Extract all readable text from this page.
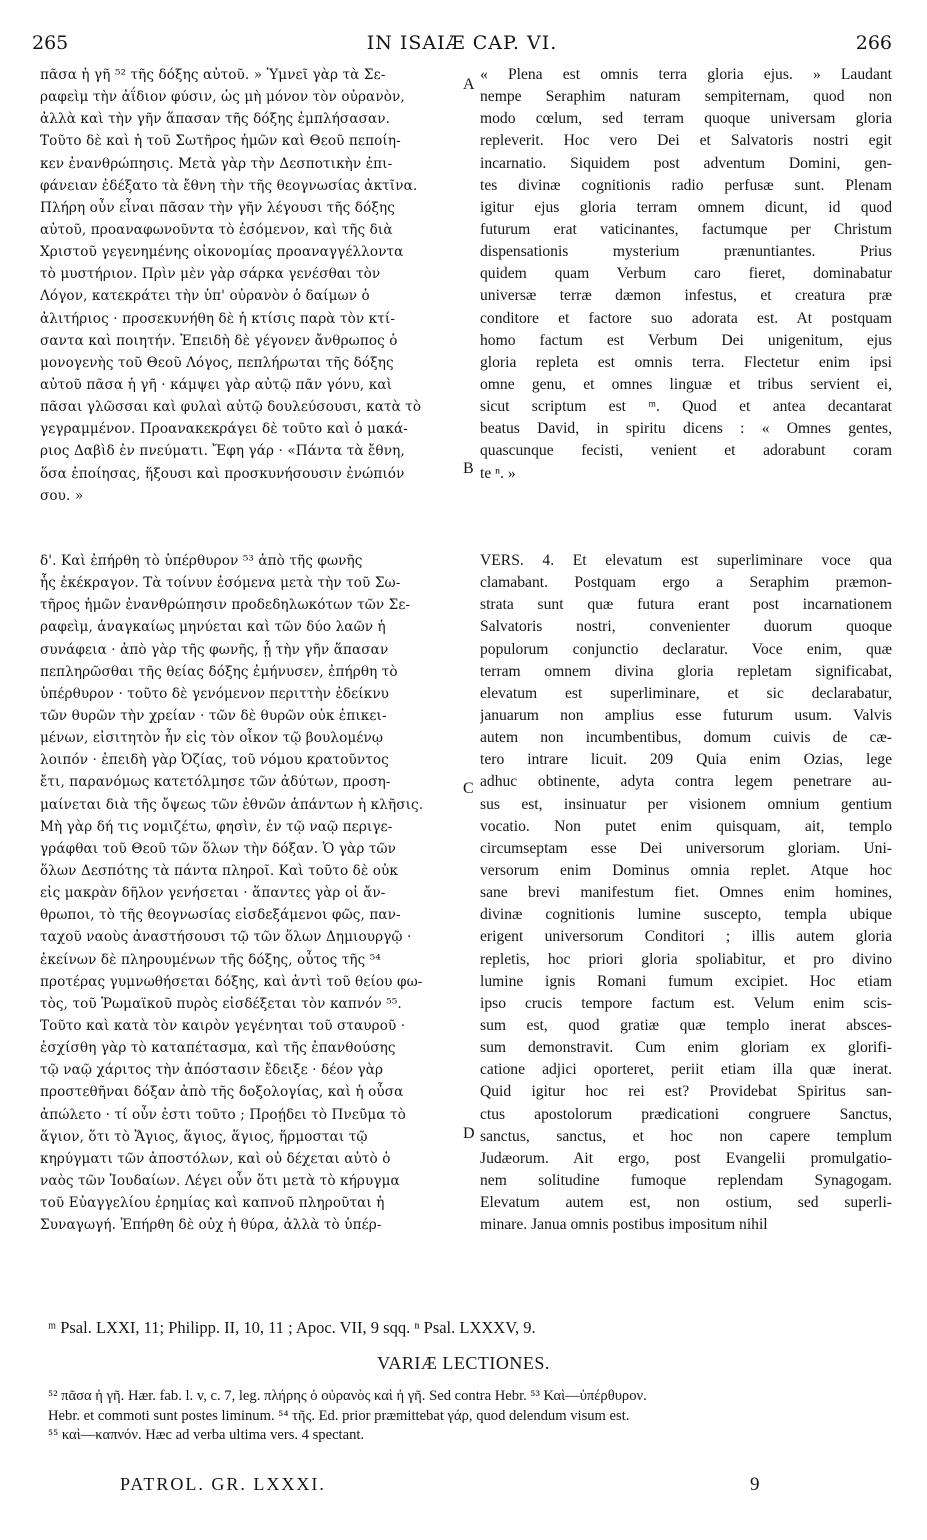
265	IN ISAIÆ CAP. VI.	266
A
B
C
D
πᾶσα ἡ γῆ ⁵² τῆς δόξης αὐτοῦ. » Ὑμνεῖ γὰρ τὰ Σε-
ραφεὶμ τὴν ἀΐδιον φύσιν, ὡς μὴ μόνον τὸν οὐρανὸν,
ἀλλὰ καὶ τὴν γῆν ἅπασαν τῆς δόξης ἐμπλήσασαν.
Τοῦτο δὲ καὶ ἡ τοῦ Σωτῆρος ἡμῶν καὶ Θεοῦ πεποίη-
κεν ἐνανθρώπησις. Μετὰ γὰρ τὴν Δεσποτικὴν ἐπι-
φάνειαν ἐδέξατο τὰ ἔθνη τὴν τῆς θεογνωσίας ἀκτῖνα.
Πλήρη οὖν εἶναι πᾶσαν τὴν γῆν λέγουσι τῆς δόξης
αὐτοῦ, προαναφωνοῦντα τὸ ἐσόμενον, καὶ τῆς διὰ
Χριστοῦ γεγενημένης οἰκονομίας προαναγγέλλοντα
τὸ μυστήριον. Πρὶν μὲν γὰρ σάρκα γενέσθαι τὸν
Λόγον, κατεκράτει τὴν ὑπ' οὐρανὸν ὁ δαίμων ὁ
ἀλιτήριος · προσεκυνήθη δὲ ἡ κτίσις παρὰ τὸν κτί-
σαντα καὶ ποιητήν. Ἐπειδὴ δὲ γέγονεν ἄνθρωπος ὁ
μονογενὴς τοῦ Θεοῦ Λόγος, πεπλήρωται τῆς δόξης
αὐτοῦ πᾶσα ἡ γῆ · κάμψει γὰρ αὐτῷ πᾶν γόνυ, καὶ
πᾶσαι γλῶσσαι καὶ φυλαὶ αὐτῷ δουλεύσουσι, κατὰ τὸ
γεγραμμένον. Προανακεκράγει δὲ τοῦτο καὶ ὁ μακά-
ριος Δαβὶδ ἐν πνεύματι. Ἔφη γάρ · «Πάντα τὰ ἔθνη,
ὅσα ἐποίησας, ἥξουσι καὶ προσκυνήσουσιν ἐνώπιόν
σου. »
« Plena est omnis terra gloria ejus. » Laudant
nempe Seraphim naturam sempiternam, quod non
modo cœlum, sed terram quoque universam gloria
repleverit. Hoc vero Dei et Salvatoris nostri egit
incarnatio. Siquidem post adventum Domini, gen-
tes divinæ cognitionis radio perfusæ sunt. Plenam
igitur ejus gloria terram omnem dicunt, id quod
futurum erat vaticinantes, factumque per Christum
dispensationis mysterium prænuntiantes. Prius
quidem quam Verbum caro fieret, dominabatur
universæ terræ dæmon infestus, et creatura præ
conditore et factore suo adorata est. At postquam
homo factum est Verbum Dei unigenitum, ejus
gloria repleta est omnis terra. Flectetur enim ipsi
omne genu, et omnes linguæ et tribus servient ei,
sicut scriptum est ᵐ. Quod et antea decantarat
beatus David, in spiritu dicens : « Omnes gentes,
quascunque fecisti, venient et adorabunt coram
te ⁿ. »
δ'. Καὶ ἐπήρθη τὸ ὑπέρθυρον ⁵³ ἀπὸ τῆς φωνῆς
ἧς ἐκέκραγον. Τὰ τοίνυν ἐσόμενα μετὰ τὴν τοῦ Σω-
τῆρος ἡμῶν ἐνανθρώπησιν προδεδηλωκότων τῶν Σε-
ραφεὶμ, ἀναγκαίως μηνύεται καὶ τῶν δύο λαῶν ἡ
συνάφεια · ἀπὸ γὰρ τῆς φωνῆς, ᾗ τὴν γῆν ἅπασαν
πεπληρῶσθαι τῆς θείας δόξης ἐμήνυσεν, ἐπήρθη τὸ
ὑπέρθυρον · τοῦτο δὲ γενόμενον περιττὴν ἐδείκνυ
τῶν θυρῶν τὴν χρείαν · τῶν δὲ θυρῶν οὐκ ἐπικει-
μένων, εἰσιτητὸν ἦν εἰς τὸν οἶκον τῷ βουλομένῳ
λοιπόν · ἐπειδὴ γὰρ Ὀζίας, τοῦ νόμου κρατοῦντος
ἔτι, παρανόμως κατετόλμησε τῶν ἀδύτων, προση-
μαίνεται διὰ τῆς ὄψεως τῶν ἐθνῶν ἁπάντων ἡ κλῆσις.
Μὴ γὰρ δή τις νομιζέτω, φησὶν, ἐν τῷ ναῷ περιγε-
γράφθαι τοῦ Θεοῦ τῶν ὅλων τὴν δόξαν. Ὁ γὰρ τῶν
ὅλων Δεσπότης τὰ πάντα πληροῖ. Καὶ τοῦτο δὲ οὐκ
εἰς μακρὰν δῆλον γενήσεται · ἅπαντες γὰρ οἱ ἄν-
θρωποι, τὸ τῆς θεογνωσίας εἰσδεξάμενοι φῶς, παν-
ταχοῦ ναοὺς ἀναστήσουσι τῷ τῶν ὅλων Δημιουργῷ ·
ἐκείνων δὲ πληρουμένων τῆς δόξης, οὗτος τῆς ⁵⁴
προτέρας γυμνωθήσεται δόξης, καὶ ἀντὶ τοῦ θείου φω-
τὸς, τοῦ Ῥωμαϊκοῦ πυρὸς εἰσδέξεται τὸν καπνόν ⁵⁵.
Τοῦτο καὶ κατὰ τὸν καιρὸν γεγένηται τοῦ σταυροῦ ·
ἐσχίσθη γὰρ τὸ καταπέτασμα, καὶ τῆς ἐπανθούσης
τῷ ναῷ χάριτος τὴν ἀπόστασιν ἔδειξε · δέον γὰρ
προστεθῆναι δόξαν ἀπὸ τῆς δοξολογίας, καὶ ἡ οὖσα
ἀπώλετο · τί οὖν ἐστι τοῦτο ; Προῄδει τὸ Πνεῦμα τὸ
ἅγιον, ὅτι τὸ Ἅγιος, ἅγιος, ἅγιος, ἥρμοσται τῷ
κηρύγματι τῶν ἀποστόλων, καὶ οὐ δέχεται αὐτὸ ὁ
ναὸς τῶν Ἰουδαίων. Λέγει οὖν ὅτι μετὰ τὸ κήρυγμα
τοῦ Εὐαγγελίου ἐρημίας καὶ καπνοῦ πληροῦται ἡ
Συναγωγή. Ἐπήρθη δὲ οὐχ ἡ θύρα, ἀλλὰ τὸ ὑπέρ-
VERS. 4. Et elevatum est superliminare voce qua
clamabant. Postquam ergo a Seraphim præmon-
strata sunt quæ futura erant post incarnationem
Salvatoris nostri, convenienter duorum quoque
populorum conjunctio declaratur. Voce enim, quæ
terram omnem divina gloria repletam significabat,
elevatum est superliminare, et sic declarabatur,
januarum non amplius esse futurum usum. Valvis
autem non incumbentibus, domum cuivis de cæ-
tero intrare licuit. 209 Quia enim Ozias, lege
adhuc obtinente, adyta contra legem penetrare au-
sus est, insinuatur per visionem omnium gentium
vocatio. Non putet enim quisquam, ait, templo
circumseptam esse Dei universorum gloriam. Uni-
versorum enim Dominus omnia replet. Atque hoc
sane brevi manifestum fiet. Omnes enim homines,
divinæ cognitionis lumine suscepto, templa ubique
erigent universorum Conditori ; illis autem gloria
repletis, hoc priori gloria spoliabitur, et pro divino
lumine ignis Romani fumum excipiet. Hoc etiam
ipso crucis tempore factum est. Velum enim scis-
sum est, quod gratiæ quæ templo inerat absces-
sum demonstravit. Cum enim gloriam ex glorifi-
catione adjici oporteret, periit etiam illa quæ inerat.
Quid igitur hoc rei est? Providebat Spiritus san-
ctus apostolorum prædicationi congruere Sanctus,
sanctus, sanctus, et hoc non capere templum
Judæorum. Ait ergo, post Evangelii promulgatio-
nem solitudine fumoque replendam Synagogam.
Elevatum autem est, non ostium, sed superli-
minare. Janua omnis postibus impositum nihil
ᵐ Psal. LXXI, 11; Philipp. II, 10, 11 ; Apoc. VII, 9 sqq. ⁿ Psal. LXXXV, 9.
VARIÆ LECTIONES.
⁵² πᾶσα ἡ γῆ. Hær. fab. l. v, c. 7, leg. πλήρης ὁ οὐρανὸς καὶ ἡ γῆ. Sed contra Hebr. ⁵³ Καὶ—ὑπέρθυρον.
Hebr. et commoti sunt postes liminum. ⁵⁴ τῆς. Ed. prior præmittebat γάρ, quod delendum visum est.
⁵⁵ καὶ—καπνόν. Hæc ad verba ultima vers. 4 spectant.
PATROL. GR. LXXXI.	9
